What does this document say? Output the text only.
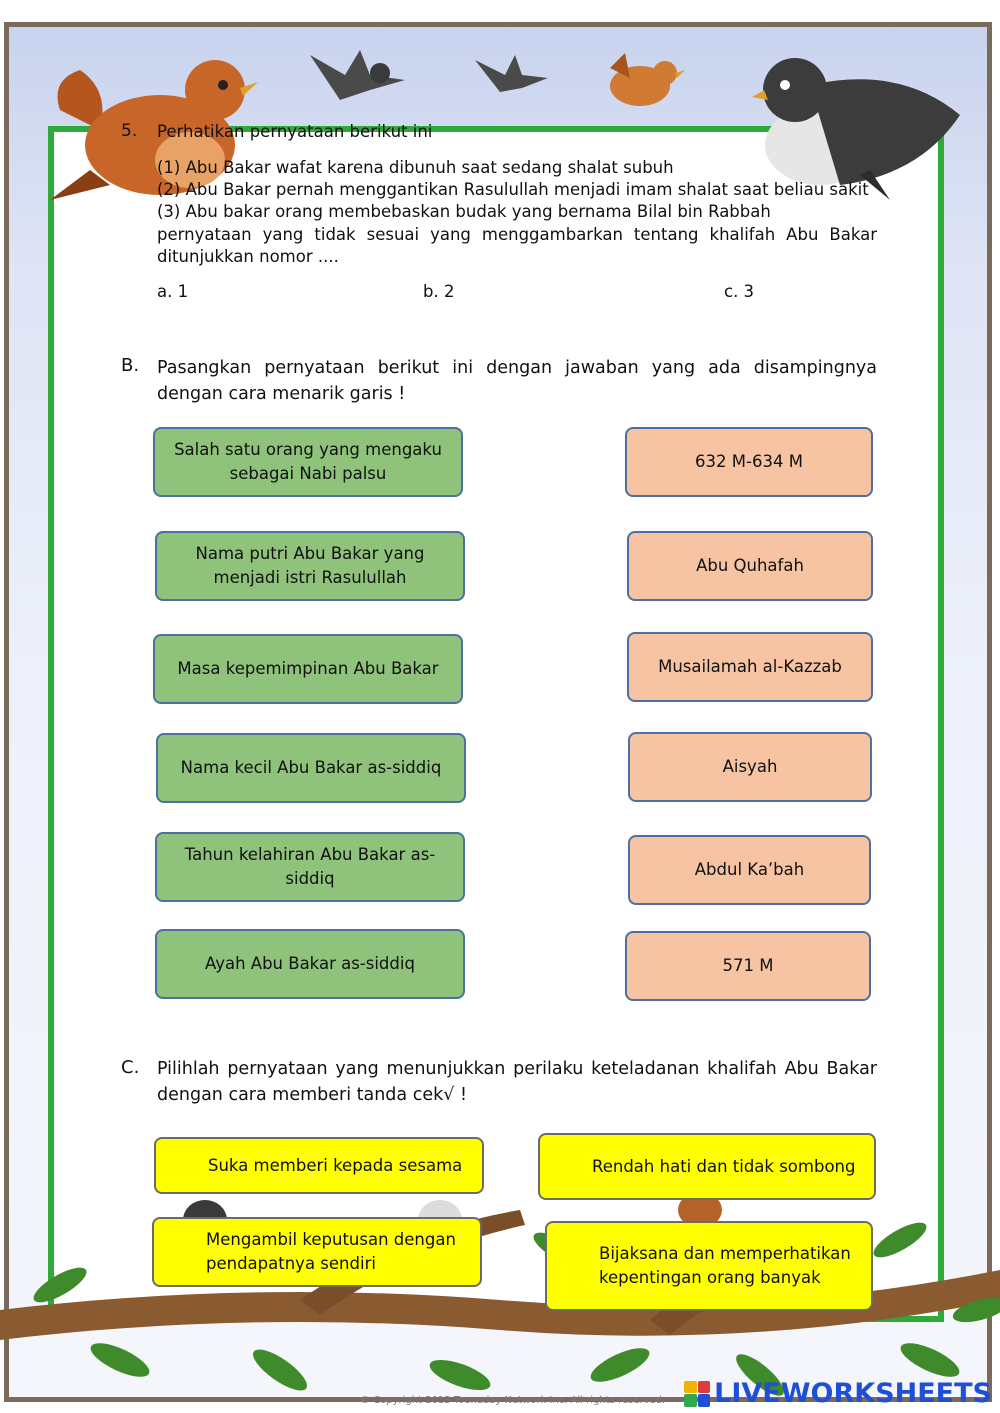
5. Perhatikan pernyataan berikut ini
(1) Abu Bakar wafat karena dibunuh saat sedang shalat subuh
(2) Abu Bakar pernah menggantikan Rasulullah menjadi imam shalat saat beliau sakit
(3) Abu bakar orang membebaskan budak yang bernama Bilal bin Rabbah
pernyataan yang tidak sesuai yang menggambarkan tentang khalifah Abu Bakar ditunjukkan nomor ....
a. 1	b. 2	c. 3
B. Pasangkan pernyataan berikut ini dengan jawaban yang ada disampingnya dengan cara menarik garis !
Salah satu orang yang mengaku sebagai Nabi palsu
Nama putri Abu Bakar yang menjadi istri Rasulullah
Masa kepemimpinan Abu Bakar
Nama kecil Abu Bakar as-siddiq
Tahun kelahiran Abu Bakar as-siddiq
Ayah Abu Bakar as-siddiq
632 M-634 M
Abu Quhafah
Musailamah al-Kazzab
Aisyah
Abdul Ka’bah
571 M
C. Pilihlah pernyataan yang menunjukkan perilaku keteladanan khalifah Abu Bakar dengan cara memberi tanda cek√ !
Suka memberi kepada sesama	Rendah hati dan tidak sombong
Mengambil keputusan dengan pendapatnya sendiri
Bijaksana dan memperhatikan kepentingan orang banyak
© Copyright 2013 Toonaday Network Inc. All rights reserved. LIVEWORKSHEETS
